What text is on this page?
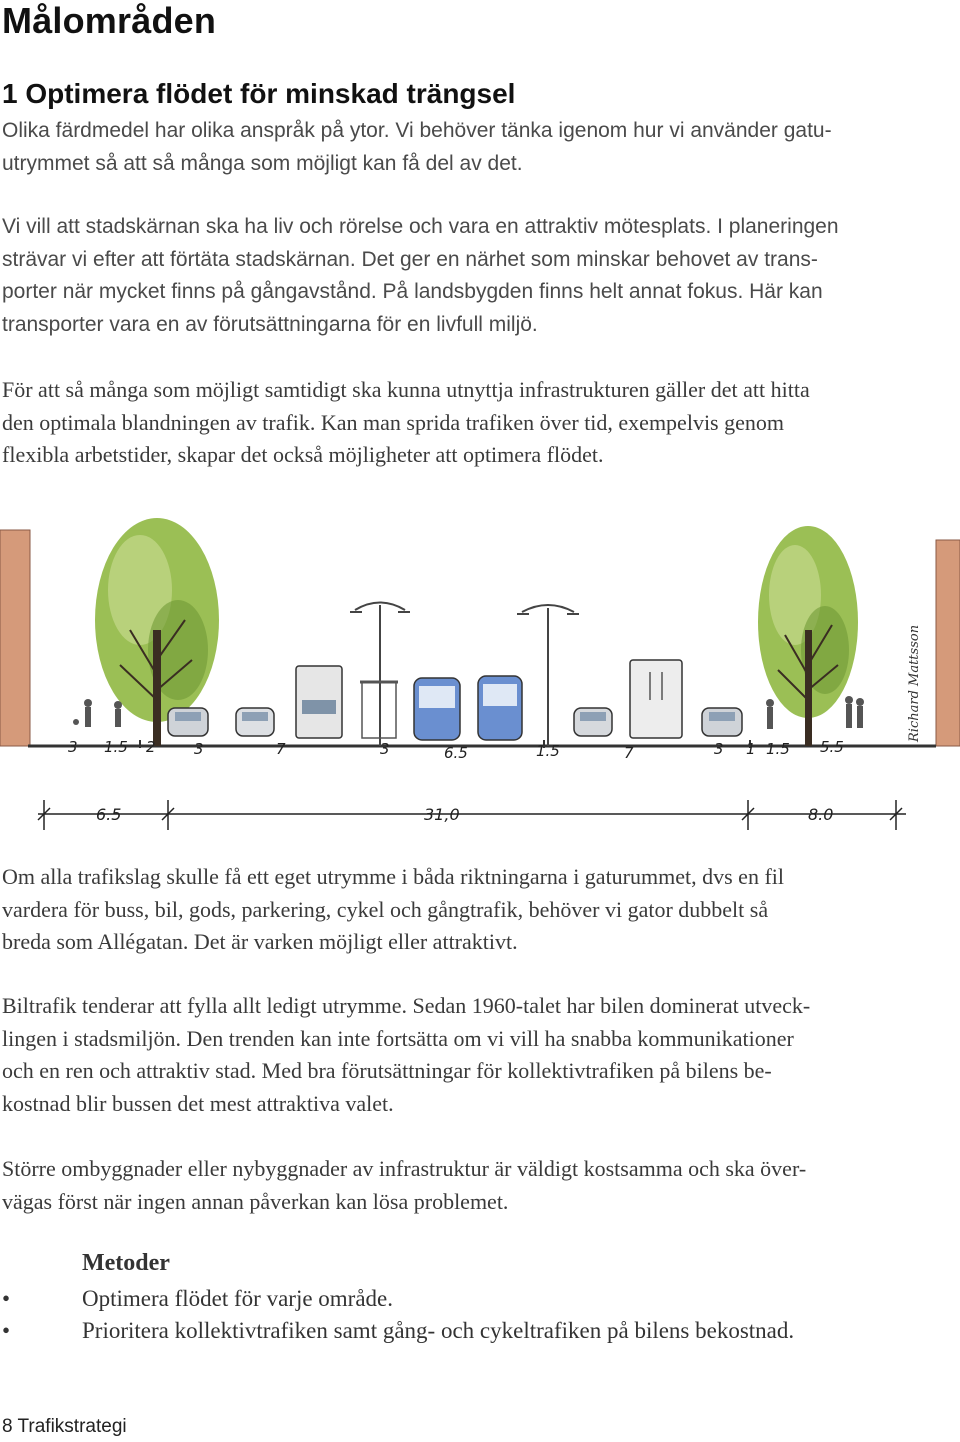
Målområden
1 Optimera flödet för minskad trängsel

Olika färdmedel har olika anspråk på ytor. Vi behöver tänka igenom hur vi använder gatu-
utrymmet så att så många som möjligt kan få del av det.

Vi vill att stadskärnan ska ha liv och rörelse och vara en attraktiv mötesplats. I planeringen
strävar vi efter att förtäta stadskärnan. Det ger en närhet som minskar behovet av trans-
porter när mycket finns på gångavstånd. På landsbygden finns helt annat fokus. Här kan
transporter vara en av förutsättningarna för en livfull miljö.

För att så många som möjligt samtidigt ska kunna utnyttja infrastrukturen gäller det att hitta
den optimala blandningen av trafik. Kan man sprida trafiken över tid, exempelvis genom
flexibla arbetstider, skapar det också möjligheter att optimera flödet.

3 1.5 2	3	7	3	6.5	1.5	7	3 1 1.5 5.5
Richard Mattsson
6.5	31,0	8.0

Om alla trafikslag skulle få ett eget utrymme i båda riktningarna i gaturummet, dvs en fil
vardera för buss, bil, gods, parkering, cykel och gångtrafik, behöver vi gator dubbelt så
breda som Allégatan. Det är varken möjligt eller attraktivt.

Biltrafik tenderar att fylla allt ledigt utrymme. Sedan 1960-talet har bilen dominerat utveck-
lingen i stadsmiljön. Den trenden kan inte fortsätta om vi vill ha snabba kommunikationer
och en ren och attraktiv stad. Med bra förutsättningar för kollektivtrafiken på bilens be-
kostnad blir bussen det mest attraktiva valet.

Större ombyggnader eller nybyggnader av infrastruktur är väldigt kostsamma och ska över-
vägas först när ingen annan påverkan kan lösa problemet.

Metoder
•	Optimera flödet för varje område.
•	Prioritera kollektivtrafiken samt gång- och cykeltrafiken på bilens bekostnad.
8 Trafikstrategi
